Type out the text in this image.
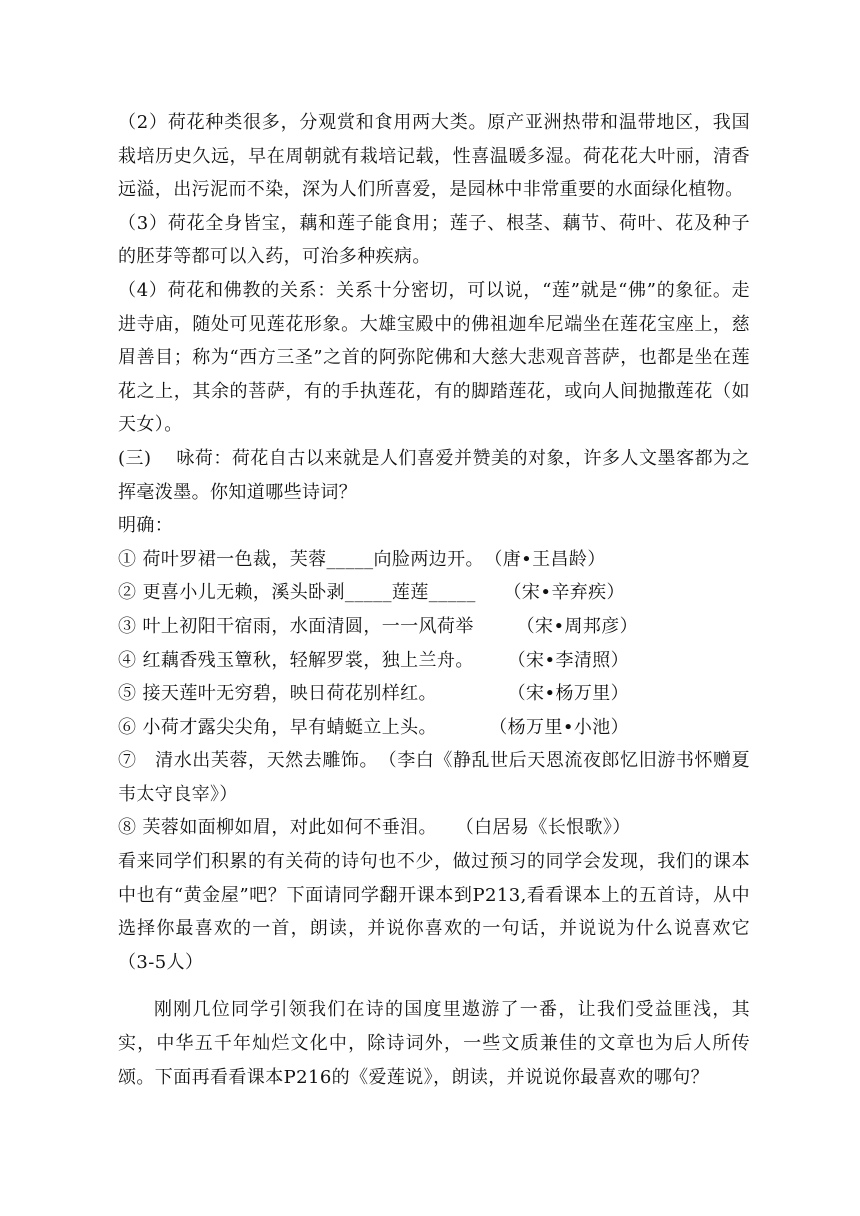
（2）荷花种类很多，分观赏和食用两大类。原产亚洲热带和温带地区，我国栽培历史久远，早在周朝就有栽培记载，性喜温暖多湿。荷花花大叶丽，清香远溢，出污泥而不染，深为人们所喜爱，是园林中非常重要的水面绿化植物。

（3）荷花全身皆宝，藕和莲子能食用；莲子、根茎、藕节、荷叶、花及种子的胚芽等都可以入药，可治多种疾病。

（4）荷花和佛教的关系：关系十分密切，可以说，“莲”就是“佛”的象征。走进寺庙，随处可见莲花形象。大雄宝殿中的佛祖迦牟尼端坐在莲花宝座上，慈眉善目；称为“西方三圣”之首的阿弥陀佛和大慈大悲观音菩萨，也都是坐在莲花之上，其余的菩萨，有的手执莲花，有的脚踏莲花，或向人间抛撒莲花（如天女）。

(三)　 咏荷：荷花自古以来就是人们喜爱并赞美的对象，许多人文墨客都为之挥毫泼墨。你知道哪些诗词？

明确：

① 荷叶罗裙一色裁，芙蓉_____向脸两边开。　（唐•王昌龄）

② 更喜小儿无赖，溪头卧剥_____莲莲_____　　（宋•辛弃疾）

③ 叶上初阳干宿雨，水面清圆，一一风荷举　　 （宋•周邦彦）

④ 红藕香残玉簟秋，轻解罗裳，独上兰舟。　　 （宋•李清照）

⑤ 接天莲叶无穷碧，映日荷花别样红。　　　　 （宋•杨万里）

⑥ 小荷才露尖尖角，早有蜻蜓立上头。　　　 （杨万里•小池）

⑦　清水出芙蓉，天然去雕饰。　（李白《静乱世后天恩流夜郎忆旧游书怀赠夏韦太守良宰》）

⑧ 芙蓉如面柳如眉，对此如何不垂泪。　　（白居易《长恨歌》）

看来同学们积累的有关荷的诗句也不少，做过预习的同学会发现，我们的课本中也有“黄金屋”吧？下面请同学翻开课本到P213,看看课本上的五首诗，从中选择你最喜欢的一首，朗读，并说你喜欢的一句话，并说说为什么说喜欢它（3-5人）

刚刚几位同学引领我们在诗的国度里遨游了一番，让我们受益匪浅，其实，中华五千年灿烂文化中，除诗词外，一些文质兼佳的文章也为后人所传颂。下面再看看课本P216的《爱莲说》，朗读，并说说你最喜欢的哪句？
